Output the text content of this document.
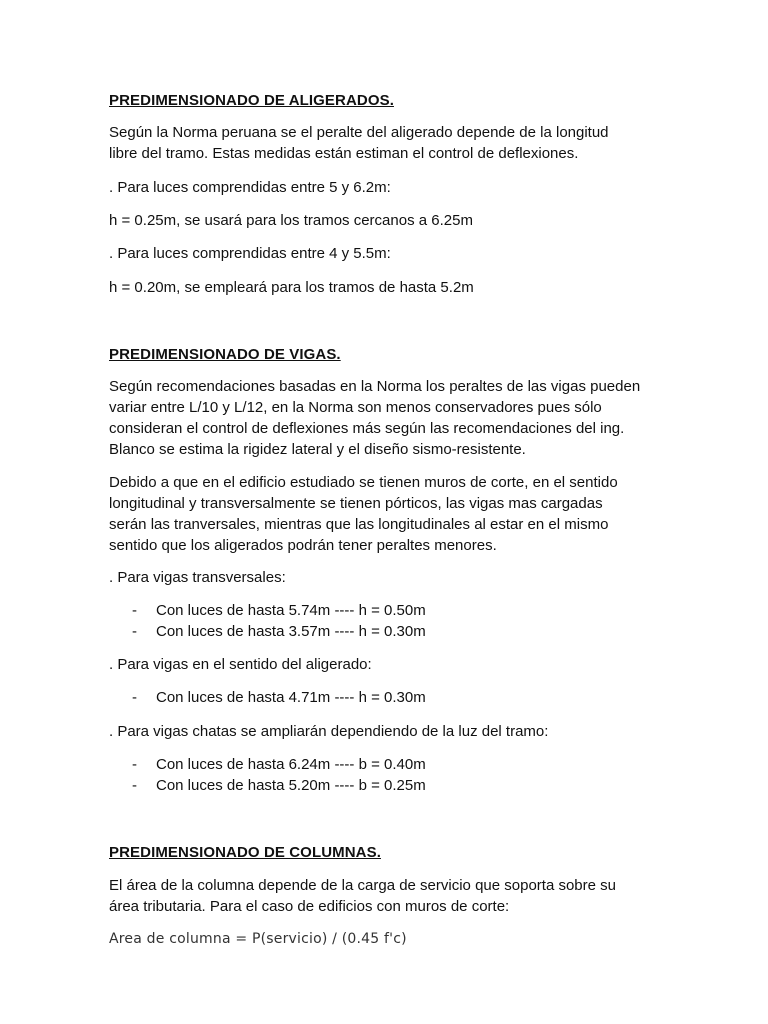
PREDIMENSIONADO DE ALIGERADOS.
Según la Norma peruana se el peralte del aligerado depende de la longitud
libre del tramo. Estas medidas están estiman el control de deflexiones.
. Para luces comprendidas entre 5 y 6.2m:
h = 0.25m, se usará para los tramos cercanos a 6.25m
. Para luces comprendidas entre 4 y 5.5m:
h = 0.20m, se empleará para los tramos de hasta 5.2m
PREDIMENSIONADO DE VIGAS.
Según recomendaciones basadas en la Norma los peraltes de las vigas pueden
variar entre L/10 y L/12, en la Norma son menos conservadores pues sólo
consideran el control de deflexiones más según las recomendaciones del ing.
Blanco se estima la rigidez lateral y el diseño sismo-resistente.
Debido a que en el edificio estudiado se tienen muros de corte, en el sentido
longitudinal y transversalmente se tienen pórticos, las vigas mas cargadas
serán las tranversales, mientras que las longitudinales al estar en el mismo
sentido que los aligerados podrán tener peraltes menores.
. Para vigas transversales:
- Con luces de hasta 5.74m ---- h = 0.50m
- Con luces de hasta 3.57m ---- h = 0.30m
. Para vigas en el sentido del aligerado:
- Con luces de hasta 4.71m ---- h = 0.30m
. Para vigas chatas se ampliarán dependiendo de la luz del tramo:
- Con luces de hasta 6.24m ---- b = 0.40m
- Con luces de hasta 5.20m ---- b = 0.25m
PREDIMENSIONADO DE COLUMNAS.
El área de la columna depende de la carga de servicio que soporta sobre su
área tributaria. Para el caso de edificios con muros de corte:
Area de columna = P(servicio) / (0.45 f'c)
